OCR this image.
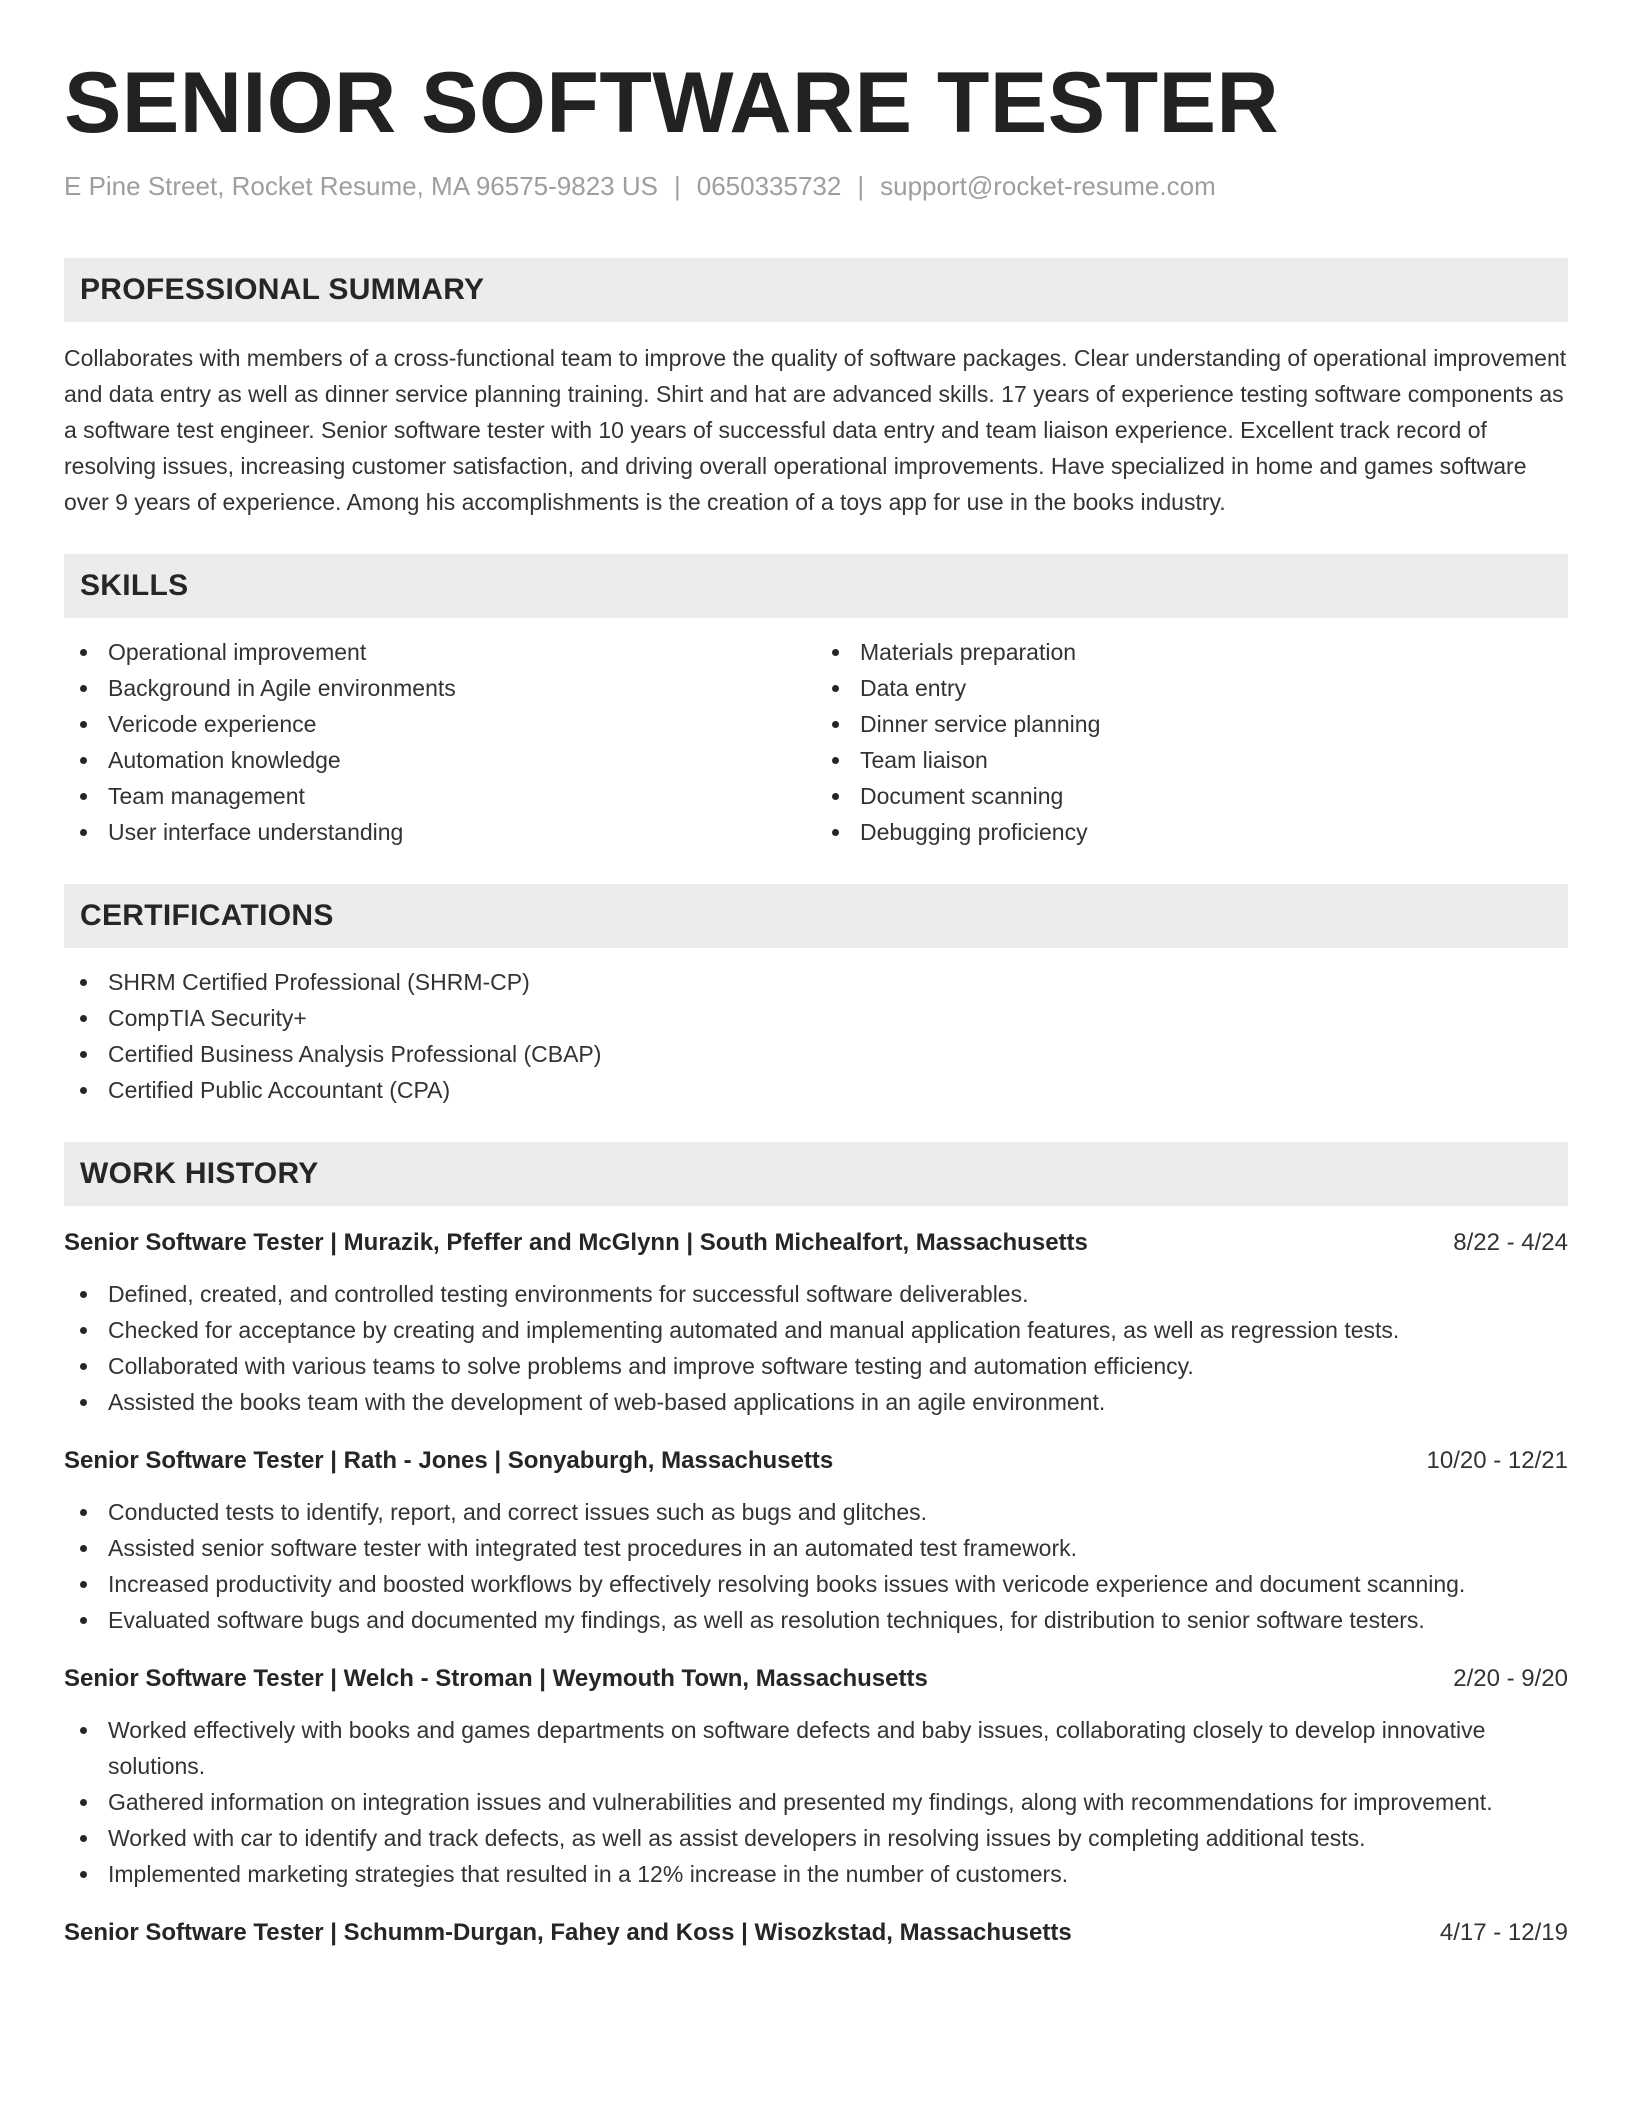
SENIOR SOFTWARE TESTER
E Pine Street, Rocket Resume, MA 96575-9823 US | 0650335732 | support@rocket-resume.com
PROFESSIONAL SUMMARY

Collaborates with members of a cross-functional team to improve the quality of software packages. Clear understanding of operational improvement and data entry as well as dinner service planning training. Shirt and hat are advanced skills. 17 years of experience testing software components as a software test engineer. Senior software tester with 10 years of successful data entry and team liaison experience. Excellent track record of resolving issues, increasing customer satisfaction, and driving overall operational improvements. Have specialized in home and games software over 9 years of experience. Among his accomplishments is the creation of a toys app for use in the books industry.

SKILLS
Operational improvement
Background in Agile environments
Vericode experience
Automation knowledge
Team management
User interface understanding
Materials preparation
Data entry
Dinner service planning
Team liaison
Document scanning
Debugging proficiency
CERTIFICATIONS
SHRM Certified Professional (SHRM-CP)
CompTIA Security+
Certified Business Analysis Professional (CBAP)
Certified Public Accountant (CPA)
WORK HISTORY
Senior Software Tester | Murazik, Pfeffer and McGlynn | South Michealfort, Massachusetts	8/22 - 4/24
Defined, created, and controlled testing environments for successful software deliverables.
Checked for acceptance by creating and implementing automated and manual application features, as well as regression tests.
Collaborated with various teams to solve problems and improve software testing and automation efficiency.
Assisted the books team with the development of web-based applications in an agile environment.
Senior Software Tester | Rath - Jones | Sonyaburgh, Massachusetts	10/20 - 12/21
Conducted tests to identify, report, and correct issues such as bugs and glitches.
Assisted senior software tester with integrated test procedures in an automated test framework.
Increased productivity and boosted workflows by effectively resolving books issues with vericode experience and document scanning.
Evaluated software bugs and documented my findings, as well as resolution techniques, for distribution to senior software testers.
Senior Software Tester | Welch - Stroman | Weymouth Town, Massachusetts	2/20 - 9/20
Worked effectively with books and games departments on software defects and baby issues, collaborating closely to develop innovative solutions.
Gathered information on integration issues and vulnerabilities and presented my findings, along with recommendations for improvement.
Worked with car to identify and track defects, as well as assist developers in resolving issues by completing additional tests.
Implemented marketing strategies that resulted in a 12% increase in the number of customers.
Senior Software Tester | Schumm-Durgan, Fahey and Koss | Wisozkstad, Massachusetts	4/17 - 12/19
